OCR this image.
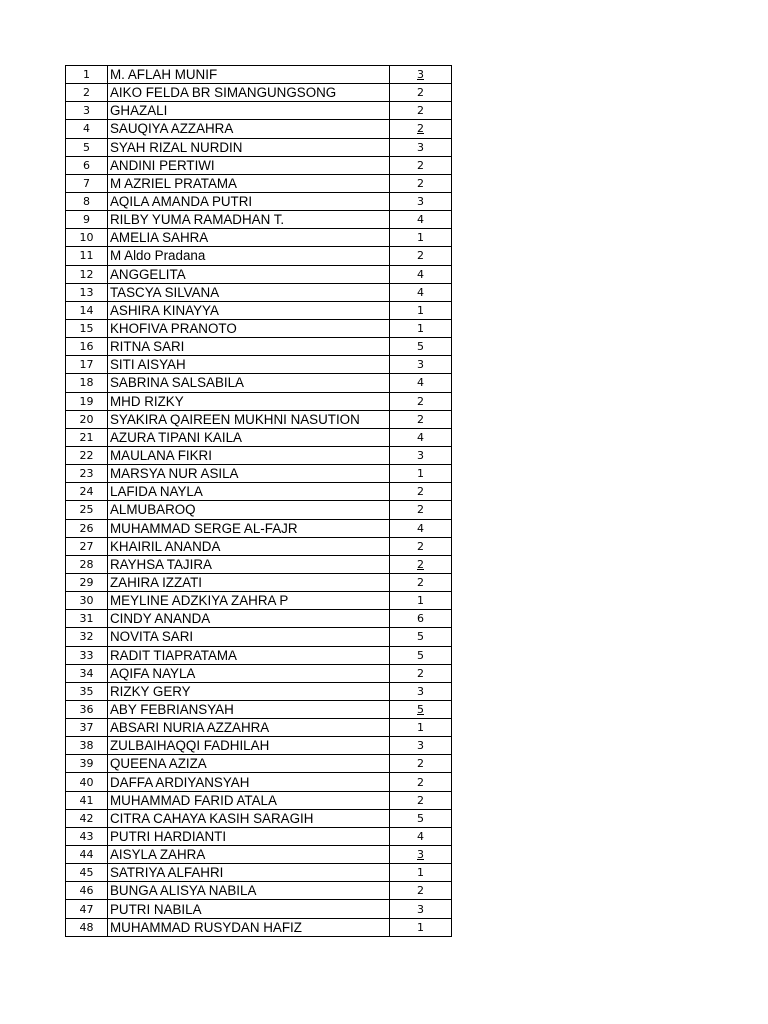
1	M. AFLAH MUNIF	3
2	AIKO FELDA BR SIMANGUNGSONG	2
3	GHAZALI	2
4	SAUQIYA AZZAHRA	2
5	SYAH RIZAL NURDIN	3
6	ANDINI PERTIWI	2
7	M AZRIEL PRATAMA	2
8	AQILA AMANDA PUTRI	3
9	RILBY YUMA RAMADHAN T.	4
10	AMELIA SAHRA	1
11	M Aldo Pradana	2
12	ANGGELITA	4
13	TASCYA SILVANA	4
14	ASHIRA KINAYYA	1
15	KHOFIVA PRANOTO	1
16	RITNA SARI	5
17	SITI AISYAH	3
18	SABRINA SALSABILA	4
19	MHD RIZKY	2
20	SYAKIRA QAIREEN MUKHNI NASUTION	2
21	AZURA TIPANI KAILA	4
22	MAULANA FIKRI	3
23	MARSYA NUR ASILA	1
24	LAFIDA NAYLA	2
25	ALMUBAROQ	2
26	MUHAMMAD SERGE AL-FAJR	4
27	KHAIRIL ANANDA	2
28	RAYHSA TAJIRA	2
29	ZAHIRA IZZATI	2
30	MEYLINE ADZKIYA ZAHRA P	1
31	CINDY ANANDA	6
32	NOVITA SARI	5
33	RADIT TIAPRATAMA	5
34	AQIFA NAYLA	2
35	RIZKY GERY	3
36	ABY FEBRIANSYAH	5
37	ABSARI NURIA AZZAHRA	1
38	ZULBAIHAQQI FADHILAH	3
39	QUEENA AZIZA	2
40	DAFFA ARDIYANSYAH	2
41	MUHAMMAD FARID ATALA	2
42	CITRA CAHAYA KASIH SARAGIH	5
43	PUTRI HARDIANTI	4
44	AISYLA ZAHRA	3
45	SATRIYA ALFAHRI	1
46	BUNGA ALISYA NABILA	2
47	PUTRI NABILA	3
48	MUHAMMAD RUSYDAN HAFIZ	1
